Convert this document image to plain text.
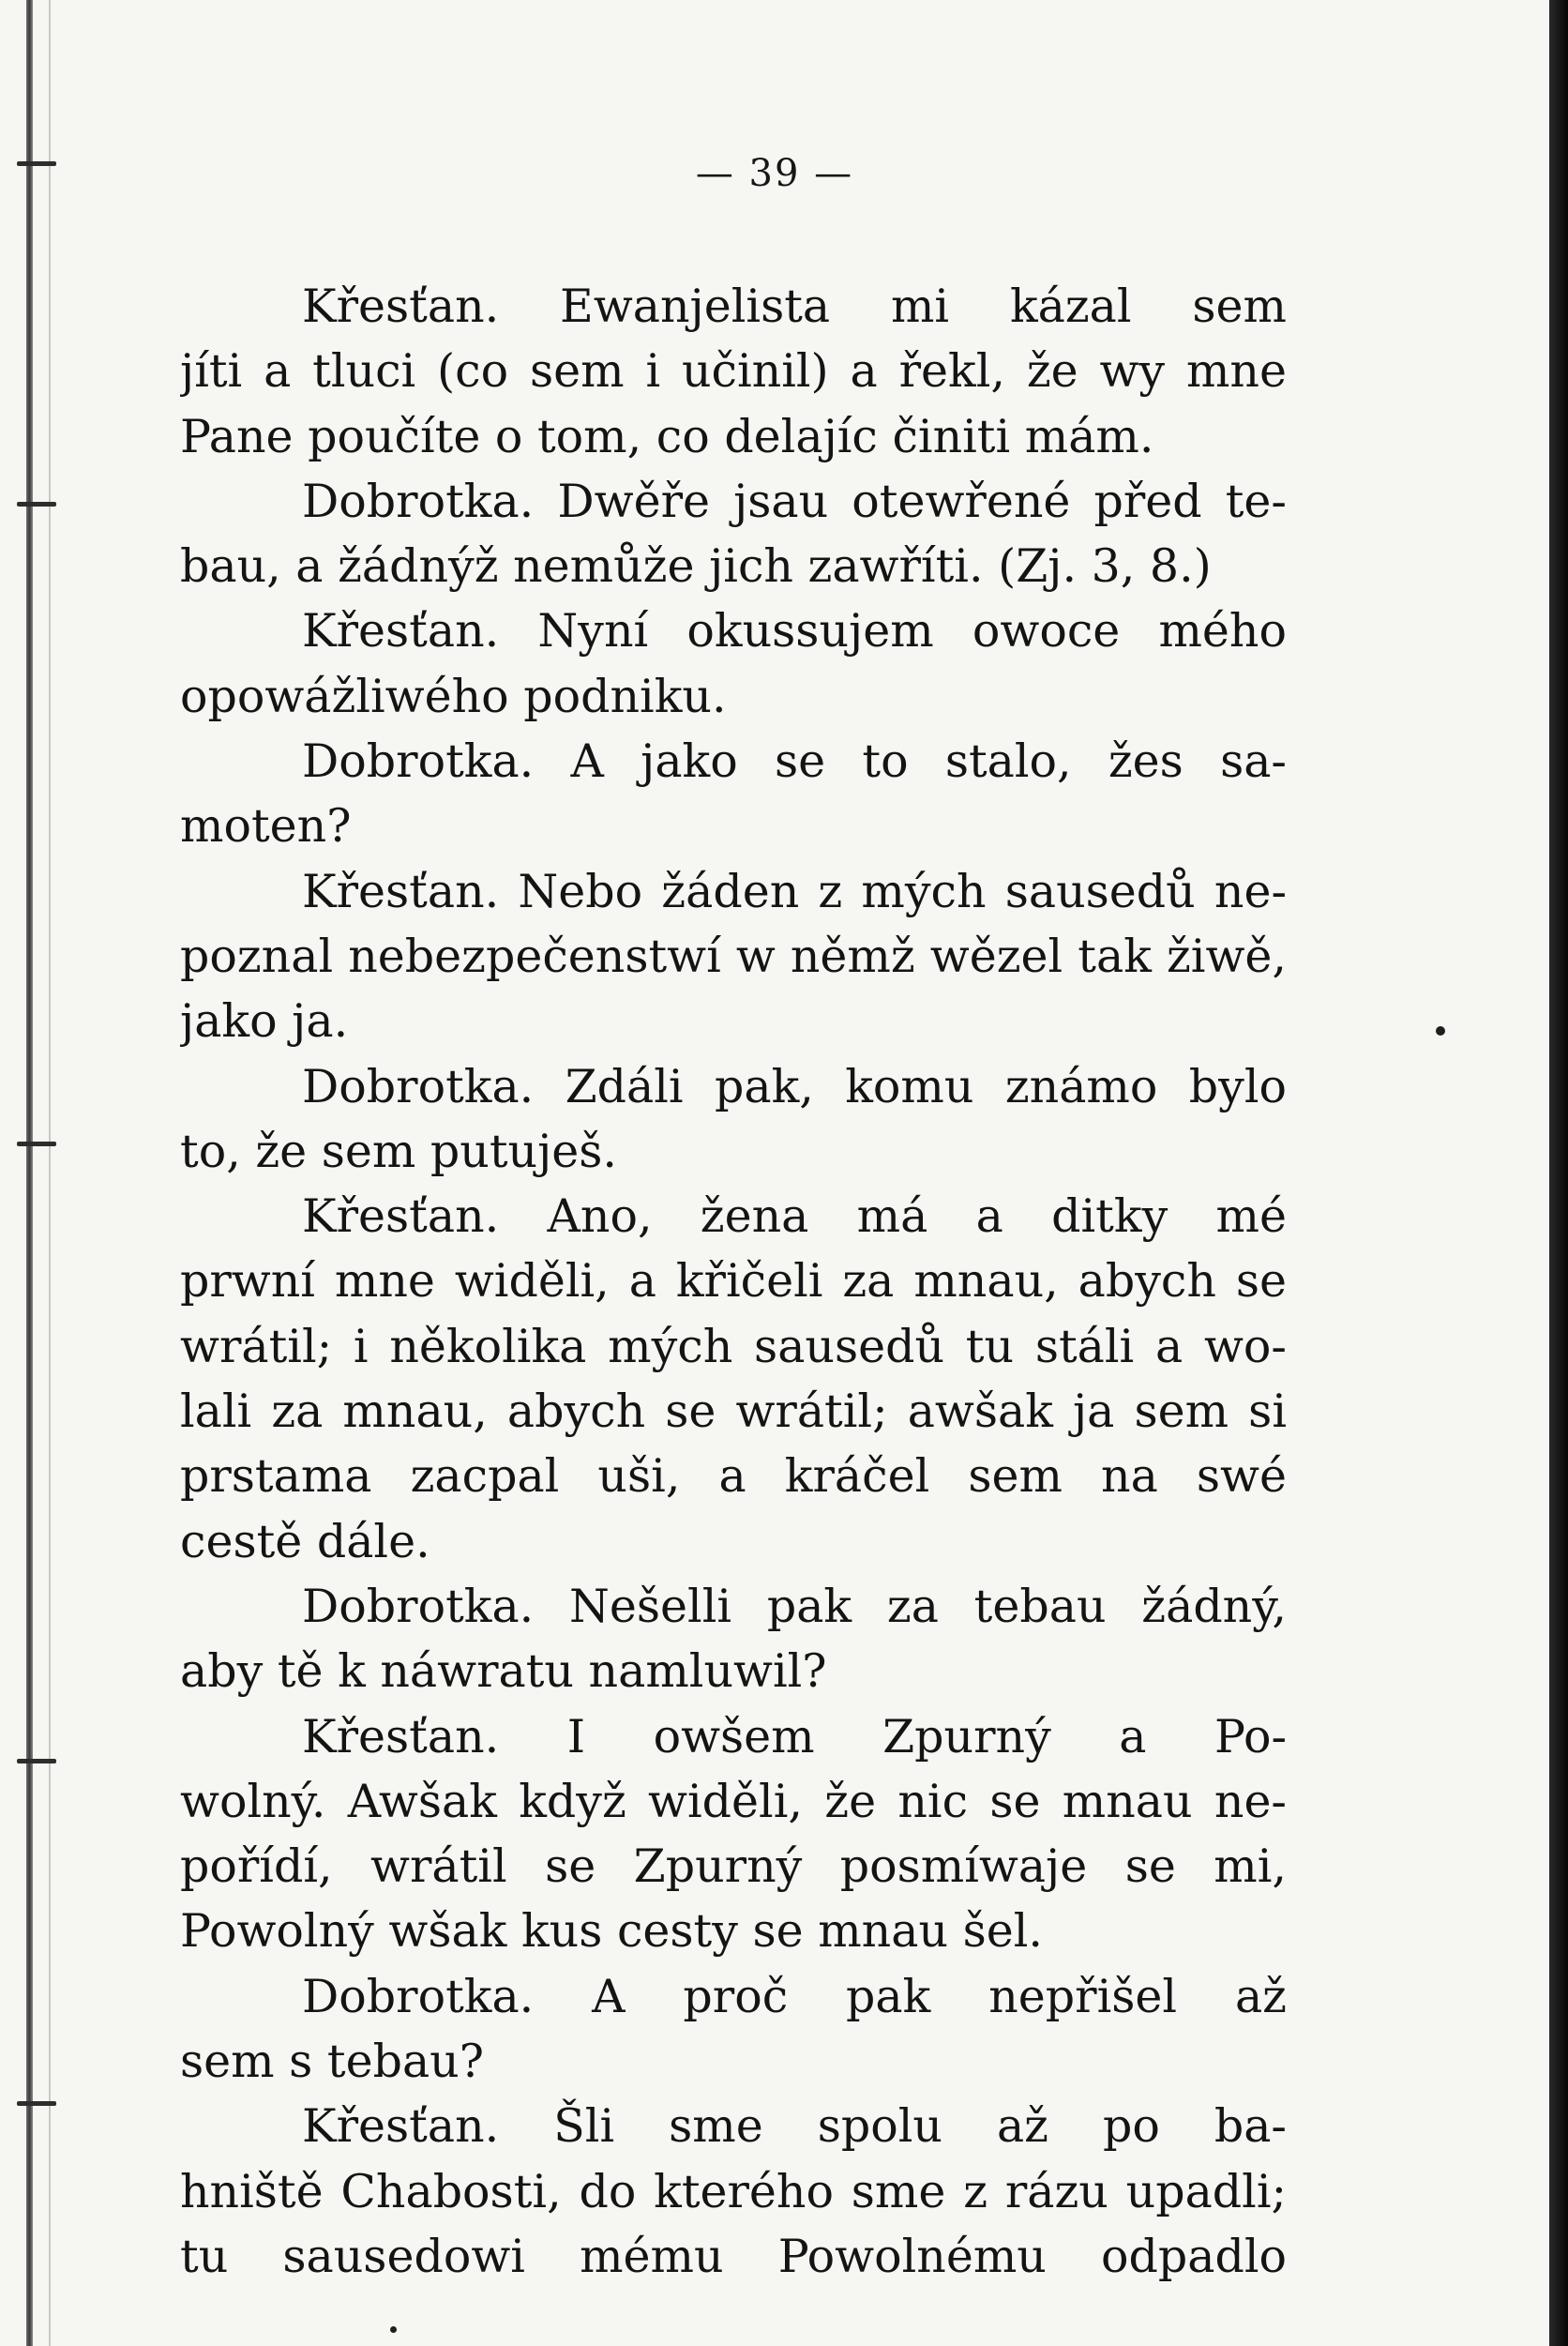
— 39 —
Křesťan. Ewanjelista mi kázal sem
jíti a tluci (co sem i učinil) a řekl, že wy mne
Pane poučíte o tom, co delajíc činiti mám.
Dobrotka. Dwěře jsau otewřené před te-
bau, a žádnýž nemůže jich zawříti. (Zj. 3, 8.)
Křesťan. Nyní okussujem owoce mého
opowážliwého podniku.
Dobrotka. A jako se to stalo, žes sa-
moten?
Křesťan. Nebo žáden z mých sausedů ne-
poznal nebezpečenstwí w němž wězel tak žiwě,
jako ja.
Dobrotka. Zdáli pak, komu známo bylo
to, že sem putuješ.
Křesťan. Ano, žena má a ditky mé
prwní mne widěli, a křičeli za mnau, abych se
wrátil; i několika mých sausedů tu stáli a wo-
lali za mnau, abych se wrátil; awšak ja sem si
prstama zacpal uši, a kráčel sem na swé
cestě dále.
Dobrotka. Nešelli pak za tebau žádný,
aby tě k náwratu namluwil?
Křesťan. I owšem Zpurný a Po-
wolný. Awšak když widěli, že nic se mnau ne-
pořídí, wrátil se Zpurný posmíwaje se mi,
Powolný wšak kus cesty se mnau šel.
Dobrotka. A proč pak nepřišel až
sem s tebau?
Křesťan. Šli sme spolu až po ba-
hniště Chabosti, do kterého sme z rázu upadli;
tu sausedowi mému Powolnému odpadlo
